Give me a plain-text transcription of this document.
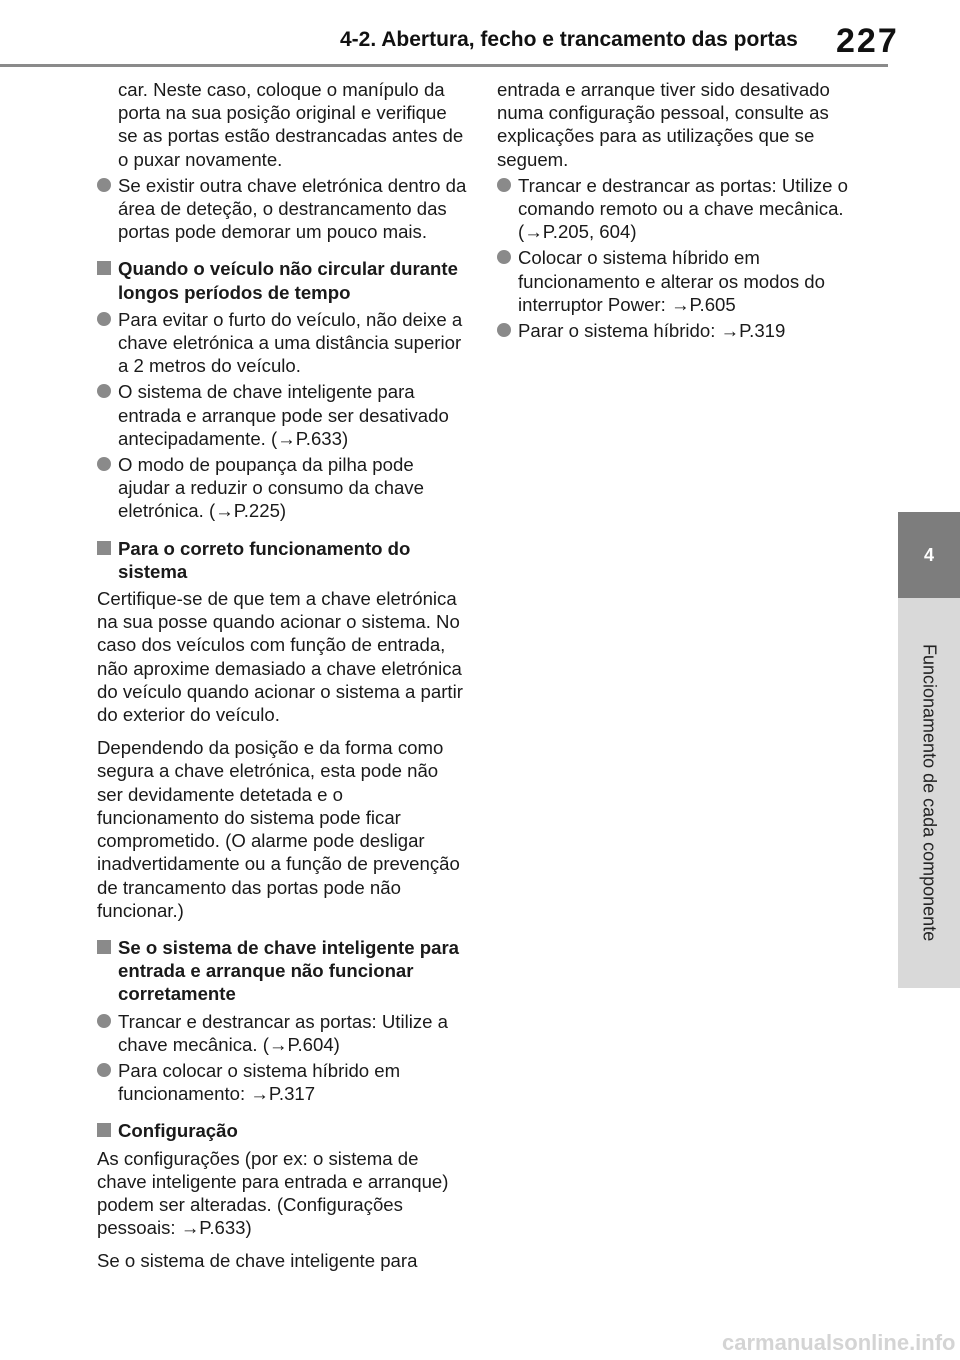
4-2. Abertura, fecho e trancamento das portas 227
4
Funcionamento de cada componente
car. Neste caso, coloque o manípulo da porta na sua posição original e verifique se as portas estão destrancadas antes de o puxar novamente.
Se existir outra chave eletrónica dentro da área de deteção, o destrancamento das portas pode demorar um pouco mais.
Quando o veículo não circular durante longos períodos de tempo
Para evitar o furto do veículo, não deixe a chave eletrónica a uma distância superior a 2 metros do veículo.
O sistema de chave inteligente para entrada e arranque pode ser desativado antecipadamente. (→P.633)
O modo de poupança da pilha pode ajudar a reduzir o consumo da chave eletrónica. (→P.225)
Para o correto funcionamento do sistema
Certifique-se de que tem a chave eletrónica na sua posse quando acionar o sistema. No caso dos veículos com função de entrada, não aproxime demasiado a chave eletrónica do veículo quando acionar o sistema a partir do exterior do veículo.
Dependendo da posição e da forma como segura a chave eletrónica, esta pode não ser devidamente detetada e o funcionamento do sistema pode ficar comprometido. (O alarme pode desligar inadvertidamente ou a função de prevenção de trancamento das portas pode não funcionar.)
Se o sistema de chave inteligente para entrada e arranque não funcionar corretamente
Trancar e destrancar as portas: Utilize a chave mecânica. (→P.604)
Para colocar o sistema híbrido em funcionamento: →P.317
Configuração
As configurações (por ex: o sistema de chave inteligente para entrada e arranque) podem ser alteradas. (Configurações pessoais: →P.633)
Se o sistema de chave inteligente para
entrada e arranque tiver sido desativado numa configuração pessoal, consulte as explicações para as utilizações que se seguem.
Trancar e destrancar as portas: Utilize o comando remoto ou a chave mecânica. (→P.205, 604)
Colocar o sistema híbrido em funcionamento e alterar os modos do interruptor Power: →P.605
Parar o sistema híbrido: →P.319
carmanualsonline.info
